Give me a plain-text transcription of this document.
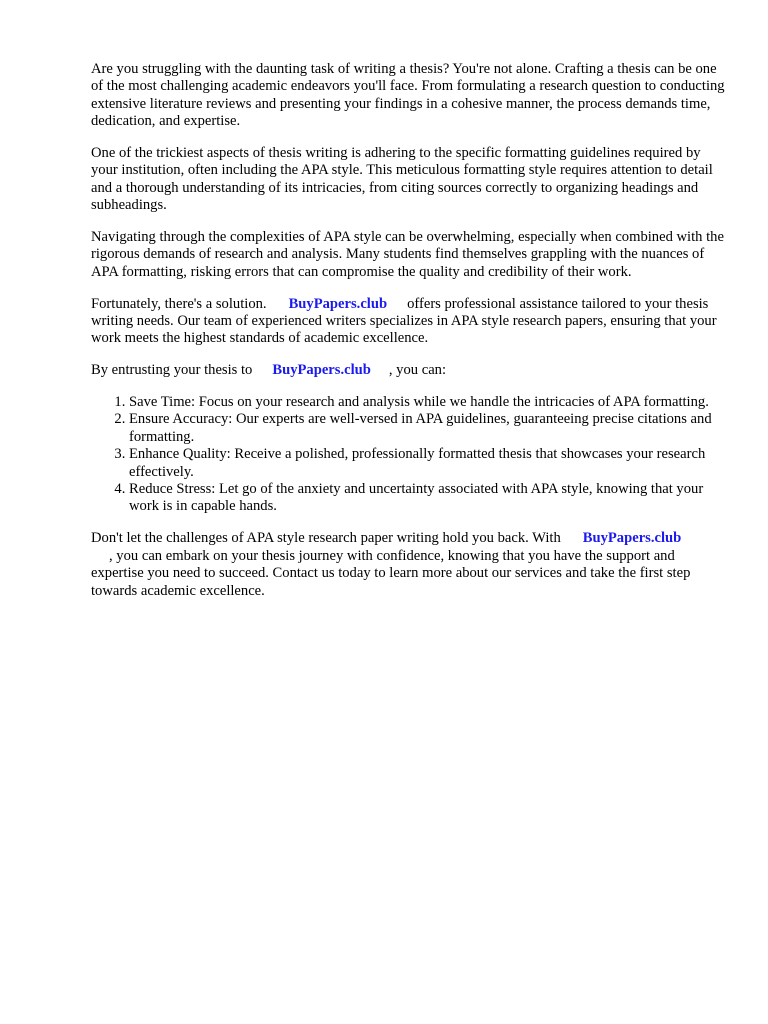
Are you struggling with the daunting task of writing a thesis? You're not alone. Crafting a thesis can be one of the most challenging academic endeavors you'll face. From formulating a research question to conducting extensive literature reviews and presenting your findings in a cohesive manner, the process demands time, dedication, and expertise.

One of the trickiest aspects of thesis writing is adhering to the specific formatting guidelines required by your institution, often including the APA style. This meticulous formatting style requires attention to detail and a thorough understanding of its intricacies, from citing sources correctly to organizing headings and subheadings.

Navigating through the complexities of APA style can be overwhelming, especially when combined with the rigorous demands of research and analysis. Many students find themselves grappling with the nuances of APA formatting, risking errors that can compromise the quality and credibility of their work.

Fortunately, there's a solution. BuyPapers.club offers professional assistance tailored to your thesis writing needs. Our team of experienced writers specializes in APA style research papers, ensuring that your work meets the highest standards of academic excellence.

By entrusting your thesis to BuyPapers.club , you can:

1. Save Time: Focus on your research and analysis while we handle the intricacies of APA formatting.
2. Ensure Accuracy: Our experts are well-versed in APA guidelines, guaranteeing precise citations and formatting.
3. Enhance Quality: Receive a polished, professionally formatted thesis that showcases your research effectively.
4. Reduce Stress: Let go of the anxiety and uncertainty associated with APA style, knowing that your work is in capable hands.

Don't let the challenges of APA style research paper writing hold you back. With BuyPapers.club
, you can embark on your thesis journey with confidence, knowing that you have the support and expertise you need to succeed. Contact us today to learn more about our services and take the first step towards academic excellence.
